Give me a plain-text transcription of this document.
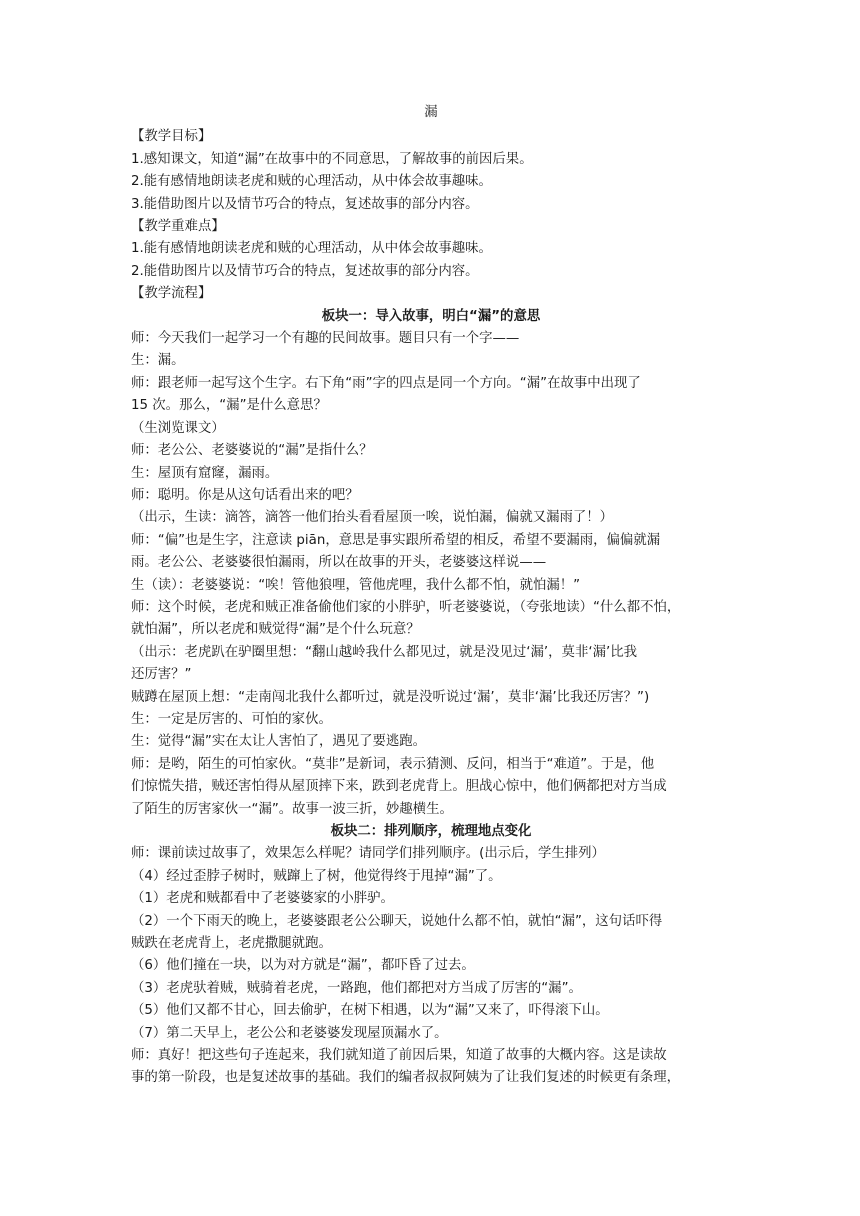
漏
【教学目标】
1.感知课文，知道“漏”在故事中的不同意思，了解故事的前因后果。
2.能有感情地朗读老虎和贼的心理活动，从中体会故事趣味。
3.能借助图片以及情节巧合的特点，复述故事的部分内容。
【教学重难点】
1.能有感情地朗读老虎和贼的心理活动，从中体会故事趣味。
2.能借助图片以及情节巧合的特点，复述故事的部分内容。
【教学流程】
板块一：导入故事，明白“漏”的意思
师：今天我们一起学习一个有趣的民间故事。题目只有一个字——
生：漏。
师：跟老师一起写这个生字。右下角“雨”字的四点是同一个方向。“漏”在故事中出现了
15 次。那么，“漏”是什么意思？
（生浏览课文）
师：老公公、老婆婆说的“漏”是指什么？
生：屋顶有窟窿，漏雨。
师：聪明。你是从这句话看出来的吧？
（出示，生读：滴答，滴答一他们抬头看看屋顶一唉，说怕漏，偏就又漏雨了！）
师：“偏”也是生字，注意读 piān，意思是事实跟所希望的相反，希望不要漏雨，偏偏就漏
雨。老公公、老婆婆很怕漏雨，所以在故事的开头，老婆婆这样说——
生（读）：老婆婆说：“唉！管他狼哩，管他虎哩，我什么都不怕，就怕漏！”
师：这个时候，老虎和贼正准备偷他们家的小胖驴，听老婆婆说，（夸张地读）“什么都不怕，
就怕漏”，所以老虎和贼觉得“漏”是个什么玩意？
（出示：老虎趴在驴圈里想：“翻山越岭我什么都见过，就是没见过‘漏’，莫非‘漏’比我
还厉害？”
贼蹲在屋顶上想：“走南闯北我什么都听过，就是没听说过‘漏’，莫非‘漏’比我还厉害？”)
生：一定是厉害的、可怕的家伙。
生：觉得“漏”实在太让人害怕了，遇见了要逃跑。
师：是哟，陌生的可怕家伙。“莫非”是新词，表示猜测、反问，相当于“难道”。于是，他
们惊慌失措，贼还害怕得从屋顶摔下来，跌到老虎背上。胆战心惊中，他们俩都把对方当成
了陌生的厉害家伙一“漏”。故事一波三折，妙趣横生。
板块二：排列顺序，梳理地点变化
师：课前读过故事了，效果怎么样呢？请同学们排列顺序。(出示后，学生排列）
（4）经过歪脖子树时，贼蹿上了树，他觉得终于甩掉“漏”了。
（1）老虎和贼都看中了老婆婆家的小胖驴。
（2）一个下雨天的晚上，老婆婆跟老公公聊天，说她什么都不怕，就怕“漏”，这句话吓得
贼跌在老虎背上，老虎撒腿就跑。
（6）他们撞在一块，以为对方就是“漏”，都吓昏了过去。
（3）老虎驮着贼，贼骑着老虎，一路跑，他们都把对方当成了厉害的“漏”。
（5）他们又都不甘心，回去偷驴，在树下相遇，以为“漏”又来了，吓得滚下山。
（7）第二天早上，老公公和老婆婆发现屋顶漏水了。
师：真好！把这些句子连起来，我们就知道了前因后果，知道了故事的大概内容。这是读故
事的第一阶段，也是复述故事的基础。我们的编者叔叔阿姨为了让我们复述的时候更有条理，
